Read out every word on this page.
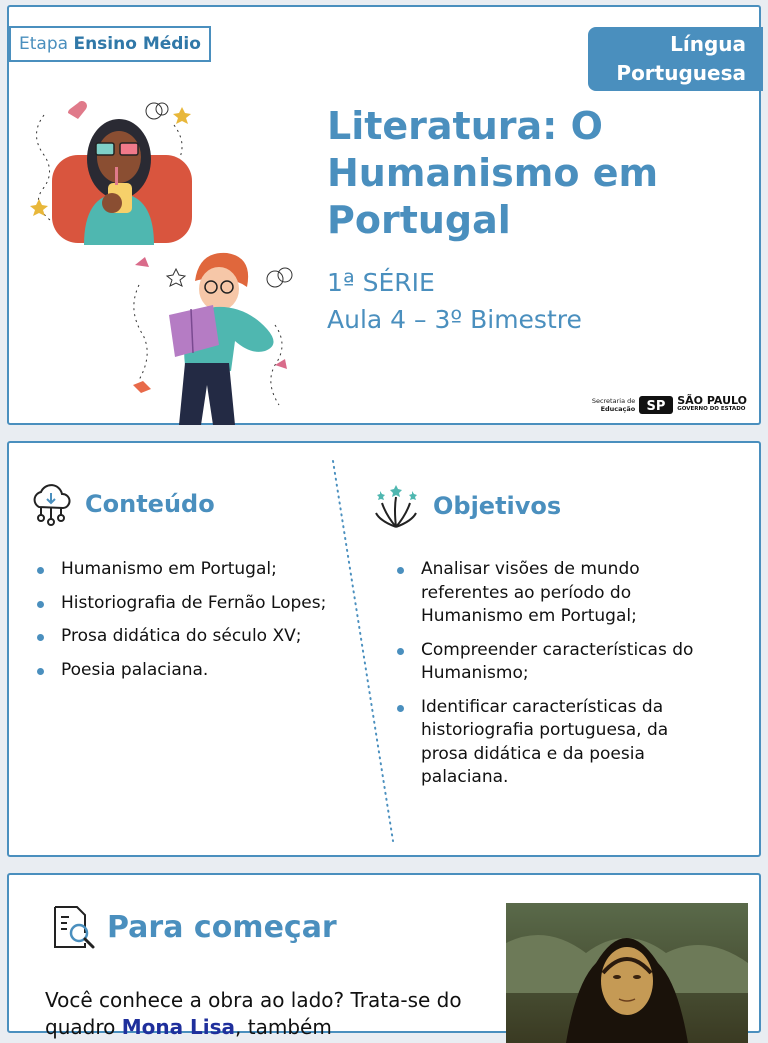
Etapa Ensino Médio	Língua
Portuguesa
Literatura: O Humanismo em Portugal
1ª SÉRIE
Aula 4 – 3º Bimestre
Secretaria de
Educação SP SÃO PAULO
GOVERNO DO ESTADO
Conteúdo
Humanismo em Portugal;
Historiografia de Fernão Lopes;
Prosa didática do século XV;
Poesia palaciana.
Objetivos
Analisar visões de mundo referentes ao período do Humanismo em Portugal;
Compreender características do Humanismo;
Identificar características da historiografia portuguesa, da prosa didática e da poesia palaciana.
Para começar

Você conhece a obra ao lado? Trata-se do quadro Mona Lisa, também
